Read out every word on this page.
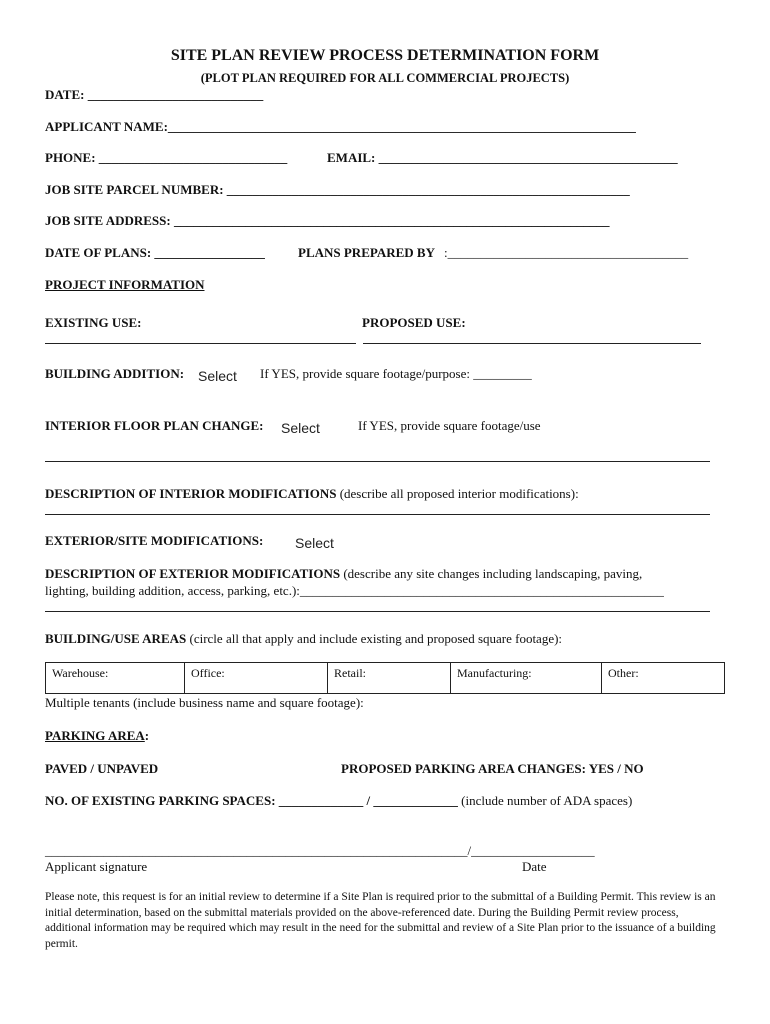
SITE PLAN REVIEW PROCESS DETERMINATION FORM
(PLOT PLAN REQUIRED FOR ALL COMMERCIAL PROJECTS)
DATE: ___________________________
APPLICANT NAME:________________________________________________________________________
PHONE: _____________________________	EMAIL: ______________________________________________
JOB SITE PARCEL NUMBER: ______________________________________________________________
JOB SITE ADDRESS: ___________________________________________________________________
DATE OF PLANS: _________________	PLANS PREPARED BY :_____________________________________
PROJECT INFORMATION
EXISTING USE:	PROPOSED USE:
BUILDING ADDITION: Select If YES, provide square footage/purpose: _________
INTERIOR FLOOR PLAN CHANGE: Select	If YES, provide square footage/use
DESCRIPTION OF INTERIOR MODIFICATIONS (describe all proposed interior modifications):
EXTERIOR/SITE MODIFICATIONS: Select
DESCRIPTION OF EXTERIOR MODIFICATIONS (describe any site changes including landscaping, paving,
lighting, building addition, access, parking, etc.):________________________________________________________
BUILDING/USE AREAS (circle all that apply and include existing and proposed square footage):
Warehouse:	Office:	Retail:	Manufacturing:	Other:
Multiple tenants (include business name and square footage):
PARKING AREA:
PAVED / UNPAVED	PROPOSED PARKING AREA CHANGES: YES / NO
NO. OF EXISTING PARKING SPACES: _____________ / _____________ (include number of ADA spaces)
_________________________________________________________________/___________________
Applicant signature	Date
Please note, this request is for an initial review to determine if a Site Plan is required prior to the submittal of a Building Permit. This review is an initial determination, based on the submittal materials provided on the above-referenced date. During the Building Permit review process, additional information may be required which may result in the need for the submittal and review of a Site Plan prior to the issuance of a building permit.
